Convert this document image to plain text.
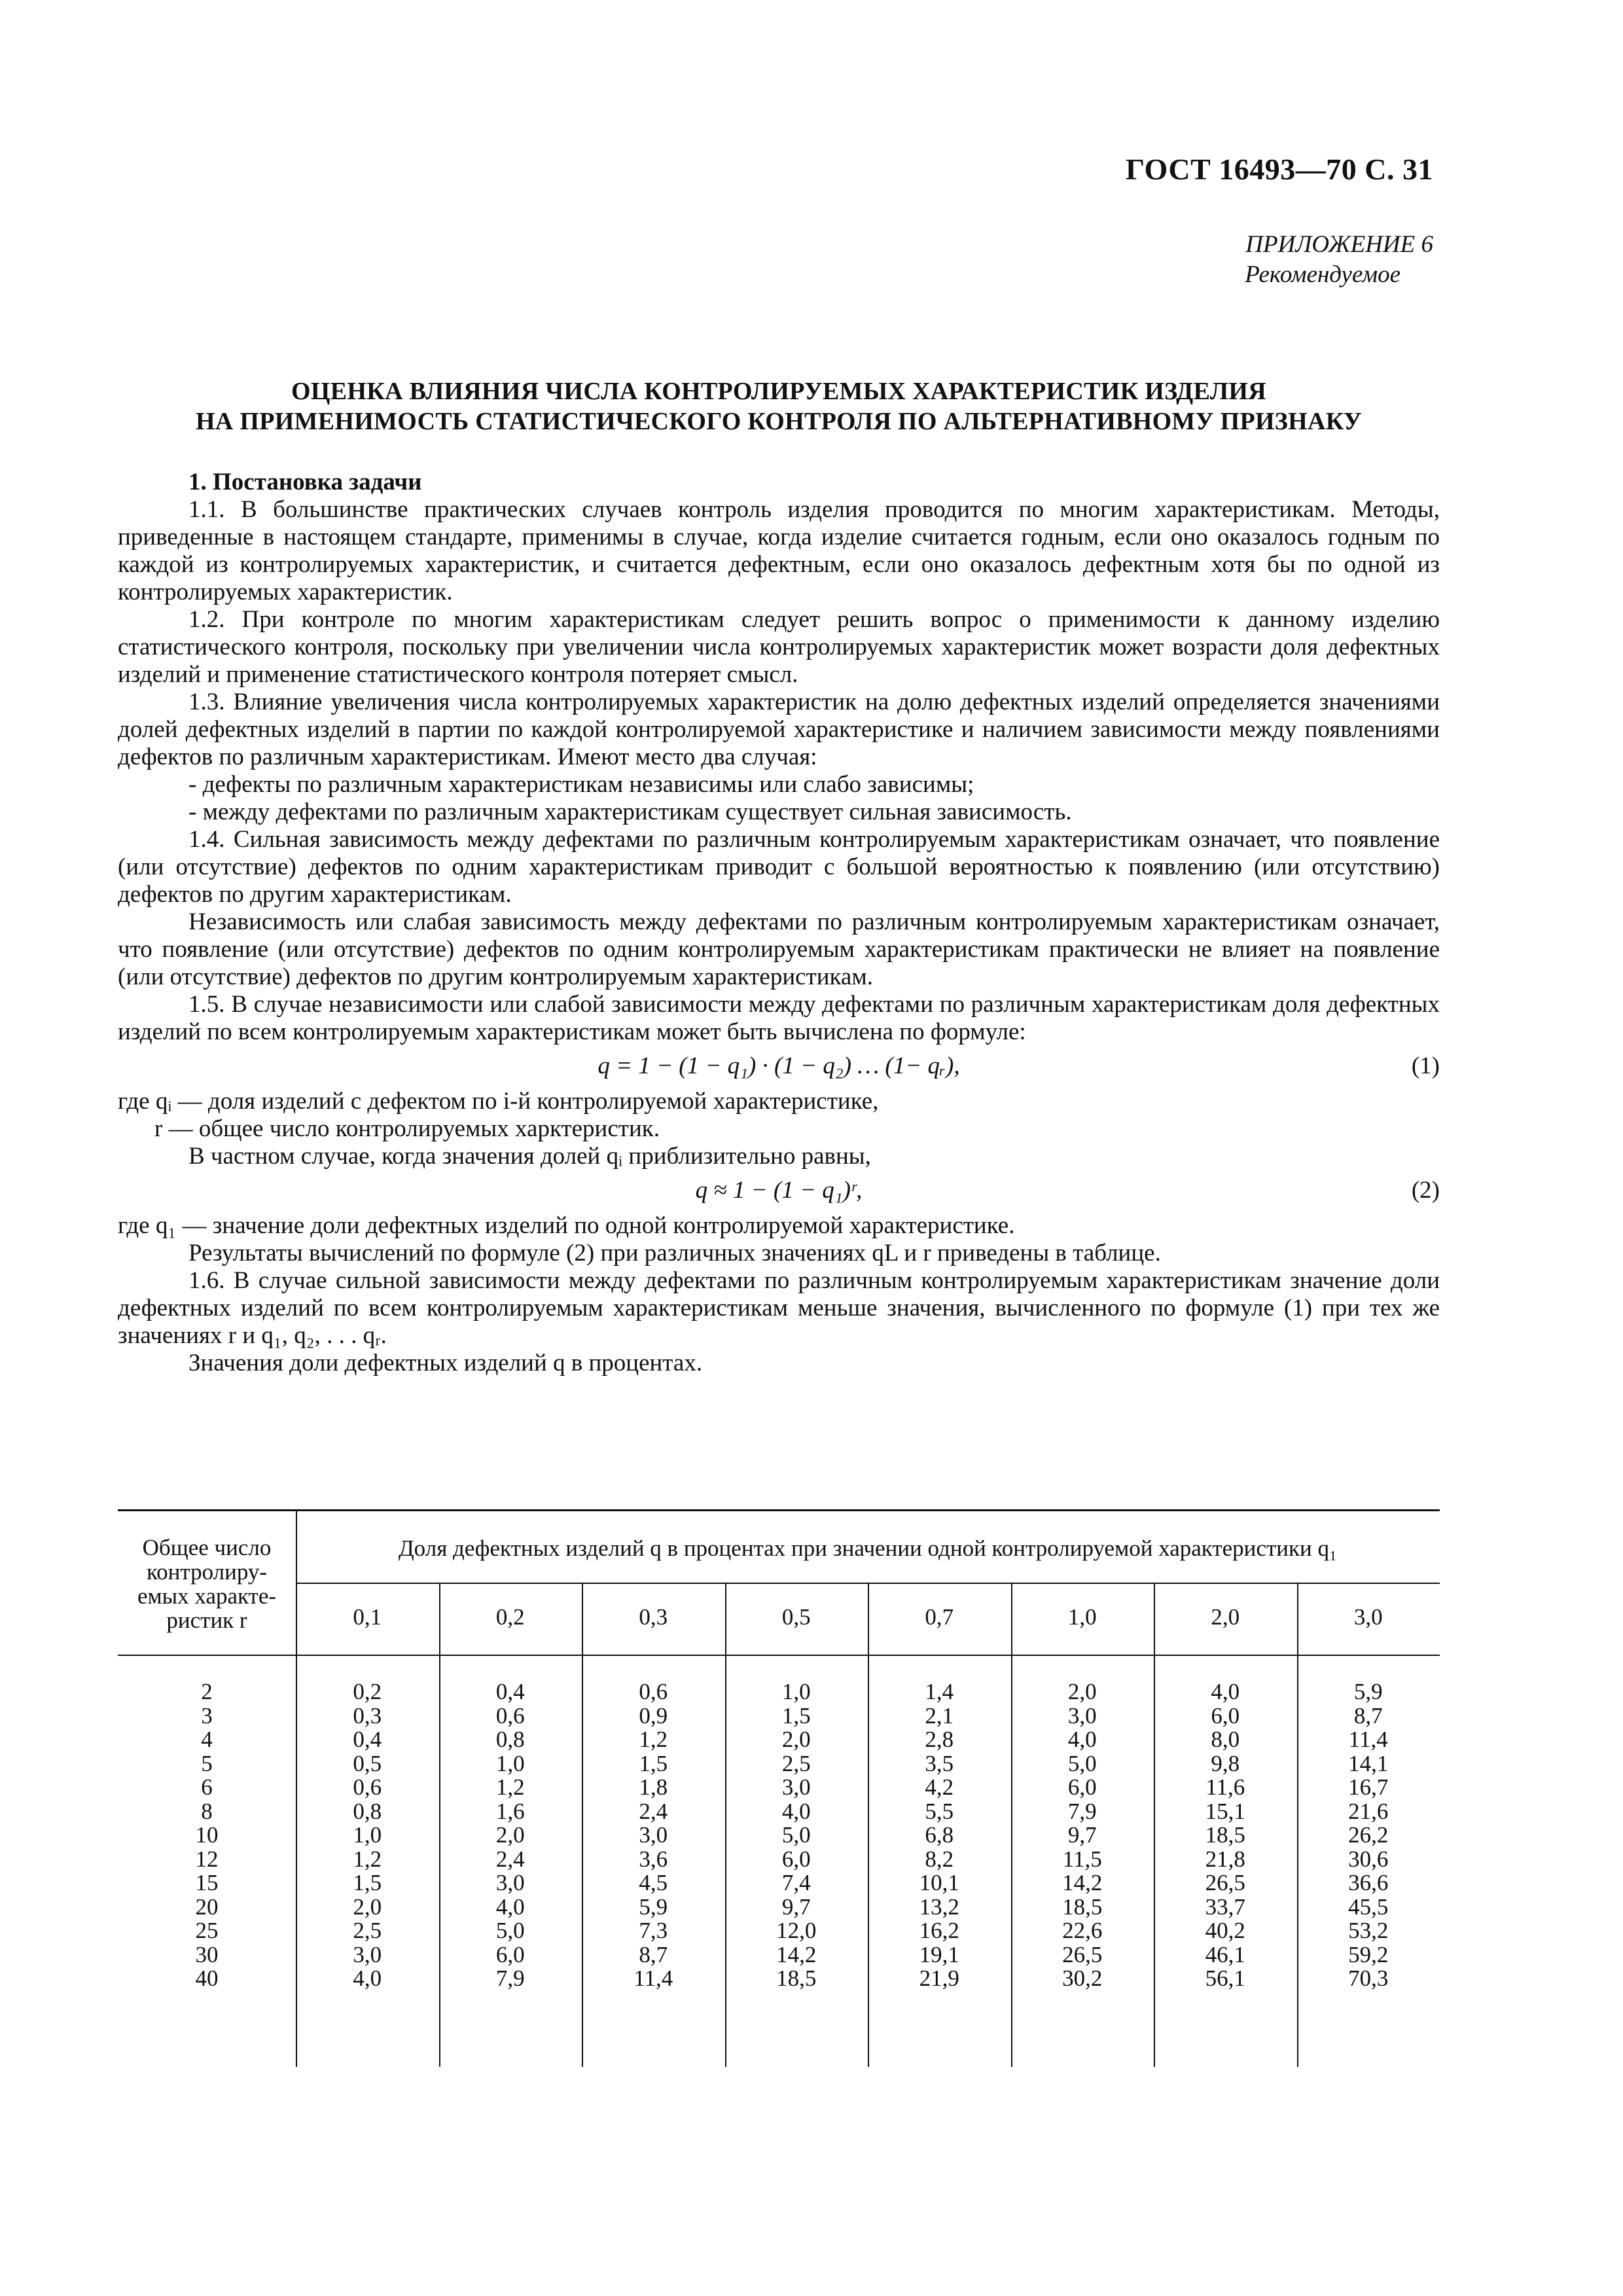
ГОСТ 16493—70 С. 31
ПРИЛОЖЕНИЕ 6
Рекомендуемое
ОЦЕНКА ВЛИЯНИЯ ЧИСЛА КОНТРОЛИРУЕМЫХ ХАРАКТЕРИСТИК ИЗДЕЛИЯ
НА ПРИМЕНИМОСТЬ СТАТИСТИЧЕСКОГО КОНТРОЛЯ ПО АЛЬТЕРНАТИВНОМУ ПРИЗНАКУ

1. Постановка задачи

1.1. В большинстве практических случаев контроль изделия проводится по многим характеристикам. Методы, приведенные в настоящем стандарте, применимы в случае, когда изделие считается годным, если оно оказалось годным по каждой из контролируемых характеристик, и считается дефектным, если оно оказалось дефектным хотя бы по одной из контролируемых характеристик.

1.2. При контроле по многим характеристикам следует решить вопрос о применимости к данному изделию статистического контроля, поскольку при увеличении числа контролируемых характеристик может возрасти доля дефектных изделий и применение статистического контроля потеряет смысл.

1.3. Влияние увеличения числа контролируемых характеристик на долю дефектных изделий определяется значениями долей дефектных изделий в партии по каждой контролируемой характеристике и наличием зависимости между появлениями дефектов по различным характеристикам. Имеют место два случая:

- дефекты по различным характеристикам независимы или слабо зависимы;

- между дефектами по различным характеристикам существует сильная зависимость.

1.4. Сильная зависимость между дефектами по различным контролируемым характеристикам означает, что появление (или отсутствие) дефектов по одним характеристикам приводит с большой вероятностью к появлению (или отсутствию) дефектов по другим характеристикам.

Независимость или слабая зависимость между дефектами по различным контролируемым характеристикам означает, что появление (или отсутствие) дефектов по одним контролируемым характеристикам практически не влияет на появление (или отсутствие) дефектов по другим контролируемым характеристикам.

1.5. В случае независимости или слабой зависимости между дефектами по различным характеристикам доля дефектных изделий по всем контролируемым характеристикам может быть вычислена по формуле:

q = 1 − (1 − q₁) · (1 − q₂) … (1− qᵣ),	(1)

где qᵢ — доля изделий с дефектом по i-й контролируемой характеристике,

r — общее число контролируемых харктеристик.

В частном случае, когда значения долей qᵢ приблизительно равны,

q ≈ 1 − (1 − q₁)ʳ,	(2)

где q₁ — значение доли дефектных изделий по одной контролируемой характеристике.

Результаты вычислений по формуле (2) при различных значениях qL и r приведены в таблице.

1.6. В случае сильной зависимости между дефектами по различным контролируемым характеристикам значение доли дефектных изделий по всем контролируемым характеристикам меньше значения, вычисленного по формуле (1) при тех же значениях r и q₁, q₂, . . . qᵣ.

Значения доли дефектных изделий q в процентах.

Общее число
контролиру-
емых характе-
ристик r
Доля дефектных изделий q в процентах при значении одной контролируемой характеристики q₁
0,1	0,2	0,3	0,5	0,7	1,0	2,0	3,0
2	0,2	0,4	0,6	1,0	1,4	2,0	4,0	5,9
3	0,3	0,6	0,9	1,5	2,1	3,0	6,0	8,7
4	0,4	0,8	1,2	2,0	2,8	4,0	8,0	11,4
5	0,5	1,0	1,5	2,5	3,5	5,0	9,8	14,1
6	0,6	1,2	1,8	3,0	4,2	6,0	11,6	16,7
8	0,8	1,6	2,4	4,0	5,5	7,9	15,1	21,6
10	1,0	2,0	3,0	5,0	6,8	9,7	18,5	26,2
12	1,2	2,4	3,6	6,0	8,2	11,5	21,8	30,6
15	1,5	3,0	4,5	7,4	10,1	14,2	26,5	36,6
20	2,0	4,0	5,9	9,7	13,2	18,5	33,7	45,5
25	2,5	5,0	7,3	12,0	16,2	22,6	40,2	53,2
30	3,0	6,0	8,7	14,2	19,1	26,5	46,1	59,2
40	4,0	7,9	11,4	18,5	21,9	30,2	56,1	70,3
